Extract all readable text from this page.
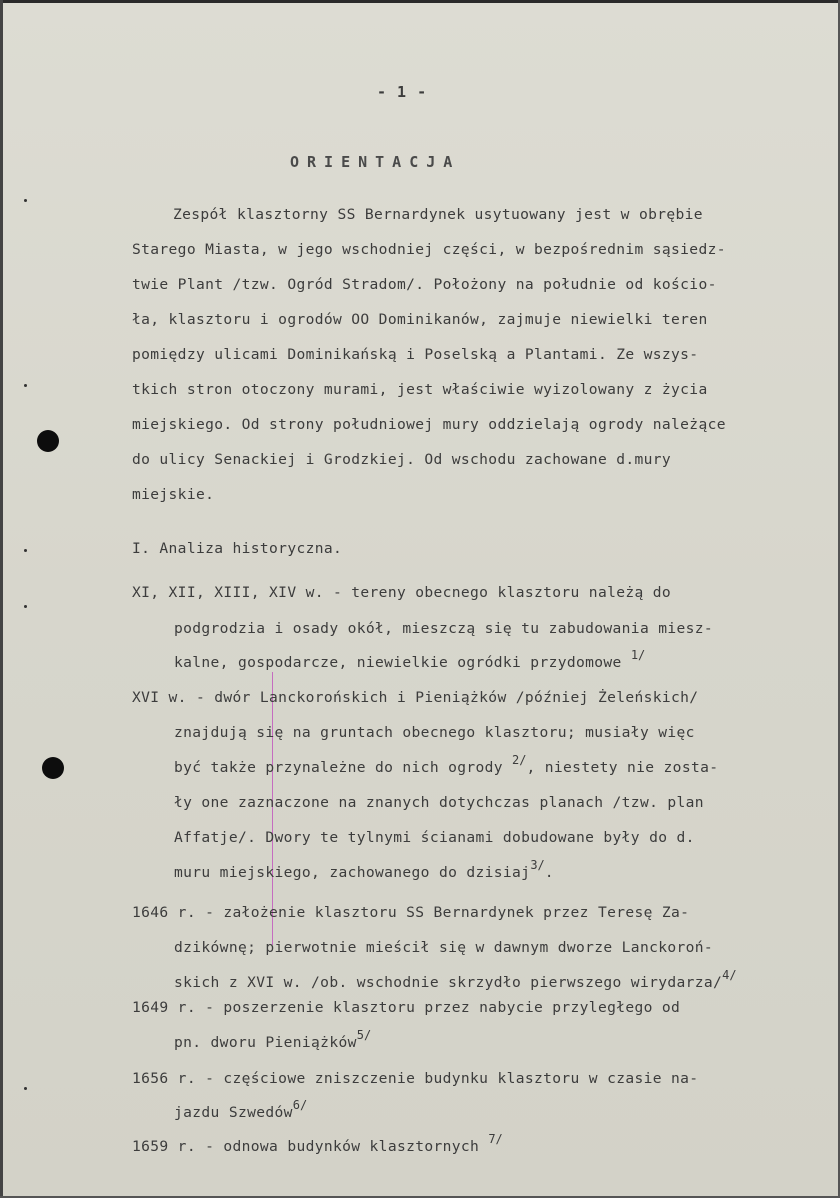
- 1 -
ORIENTACJA
Zespół klasztorny SS Bernardynek usytuowany jest w obrębie
Starego Miasta, w jego wschodniej części, w bezpośrednim sąsiedz-
twie Plant /tzw. Ogród Stradom/. Położony na południe od kościo-
ła, klasztoru i ogrodów OO Dominikanów, zajmuje niewielki teren
pomiędzy ulicami Dominikańską i Poselską a Plantami. Ze wszys-
tkich stron otoczony murami, jest właściwie wyizolowany z życia
miejskiego. Od strony południowej mury oddzielają ogrody należące
do ulicy Senackiej i Grodzkiej. Od wschodu zachowane d.mury
miejskie.
I. Analiza historyczna.
XI, XII, XIII, XIV w. - tereny obecnego klasztoru należą do
podgrodzia i osady okół, mieszczą się tu zabudowania miesz-
kalne, gospodarcze, niewielkie ogródki przydomowe $^{1/}$
XVI w. - dwór Lanckorońskich i Pieniążków /później Żeleńskich/
znajdują się na gruntach obecnego klasztoru; musiały więc
być także przynależne do nich ogrody $^{2/}$, niestety nie zosta-
ły one zaznaczone na znanych dotychczas planach /tzw. plan
Affatje/. Dwory te tylnymi ścianami dobudowane były do d.
muru miejskiego, zachowanego do dzisiaj$^{3/}$.
1646 r. - założenie klasztoru SS Bernardynek przez Teresę Za-
dzikównę; pierwotnie mieścił się w dawnym dworze Lanckoroń-
skich z XVI w. /ob. wschodnie skrzydło pierwszego wirydarza/$^{4/}$
1649 r. - poszerzenie klasztoru przez nabycie przyległego od
pn. dworu Pieniążków$^{5/}$
1656 r. - częściowe zniszczenie budynku klasztoru w czasie na-
jazdu Szwedów$^{6/}$
1659 r. - odnowa budynków klasztornych $^{7/}$
